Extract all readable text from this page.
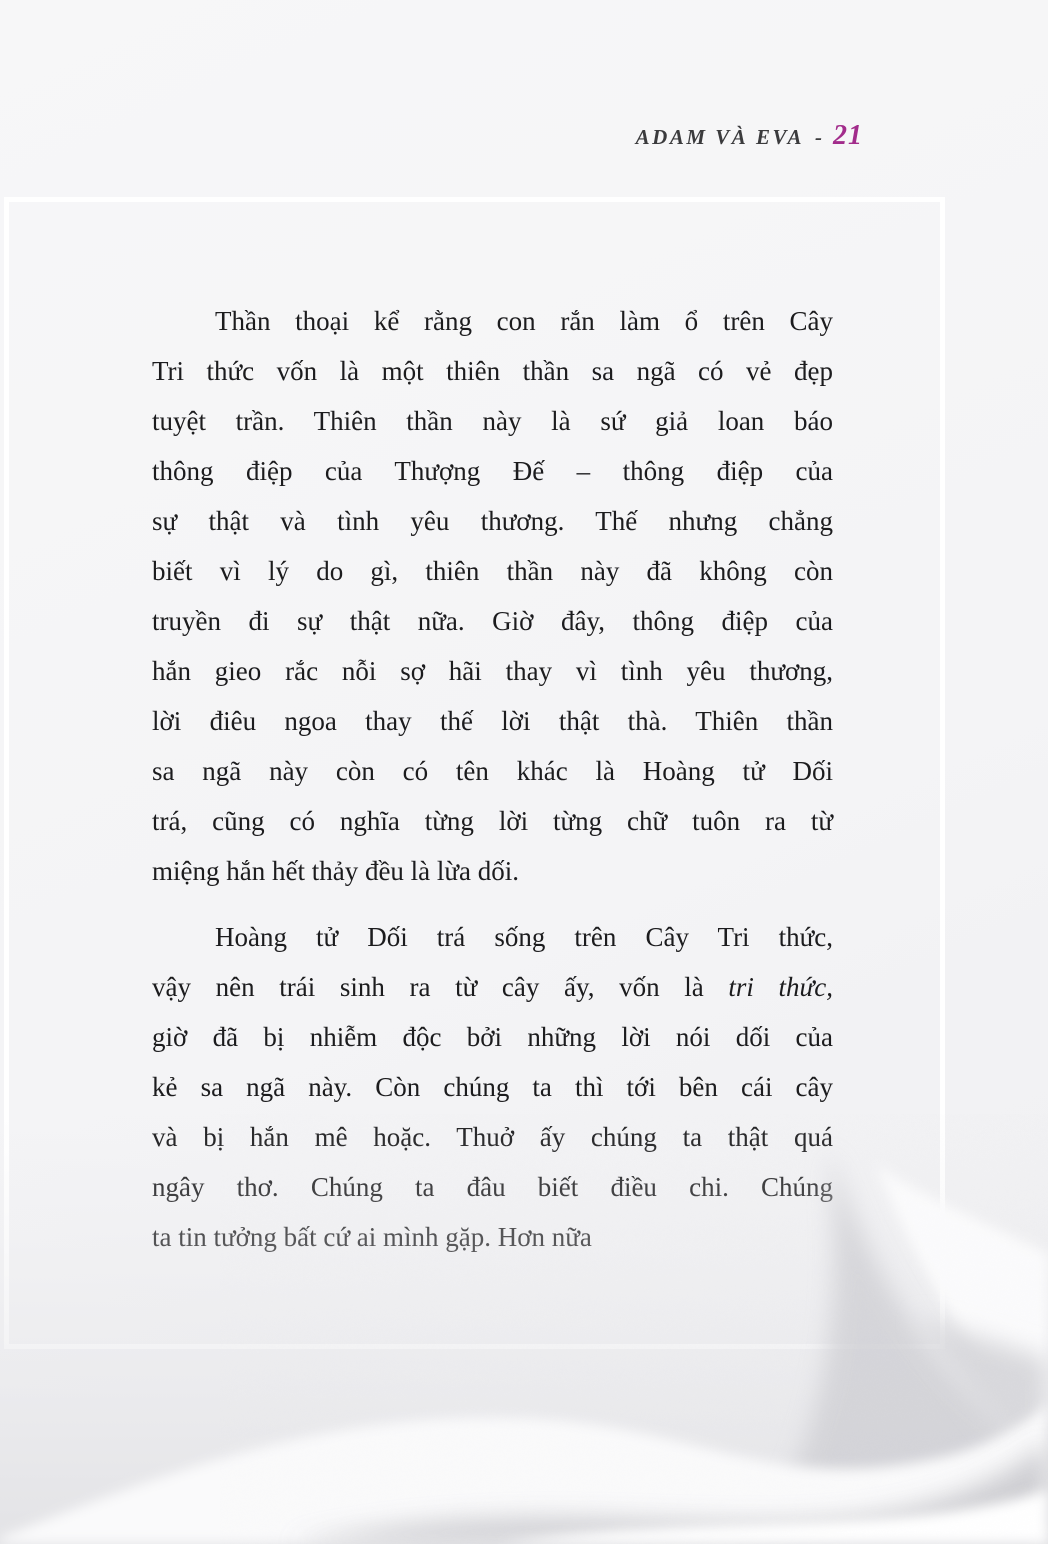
ADAM VÀ EVA - 21
Thần thoại kể rằng con rắn làm ổ trên Cây
Tri thức vốn là một thiên thần sa ngã có vẻ đẹp
tuyệt trần. Thiên thần này là sứ giả loan báo
thông điệp của Thượng Đế – thông điệp của
sự thật và tình yêu thương. Thế nhưng chẳng
biết vì lý do gì, thiên thần này đã không còn
truyền đi sự thật nữa. Giờ đây, thông điệp của
hắn gieo rắc nỗi sợ hãi thay vì tình yêu thương,
lời điêu ngoa thay thế lời thật thà. Thiên thần
sa ngã này còn có tên khác là Hoàng tử Dối
trá, cũng có nghĩa từng lời từng chữ tuôn ra từ
miệng hắn hết thảy đều là lừa dối.
Hoàng tử Dối trá sống trên Cây Tri thức,
vậy nên trái sinh ra từ cây ấy, vốn là tri thức,
giờ đã bị nhiễm độc bởi những lời nói dối của
kẻ sa ngã này. Còn chúng ta thì tới bên cái cây
